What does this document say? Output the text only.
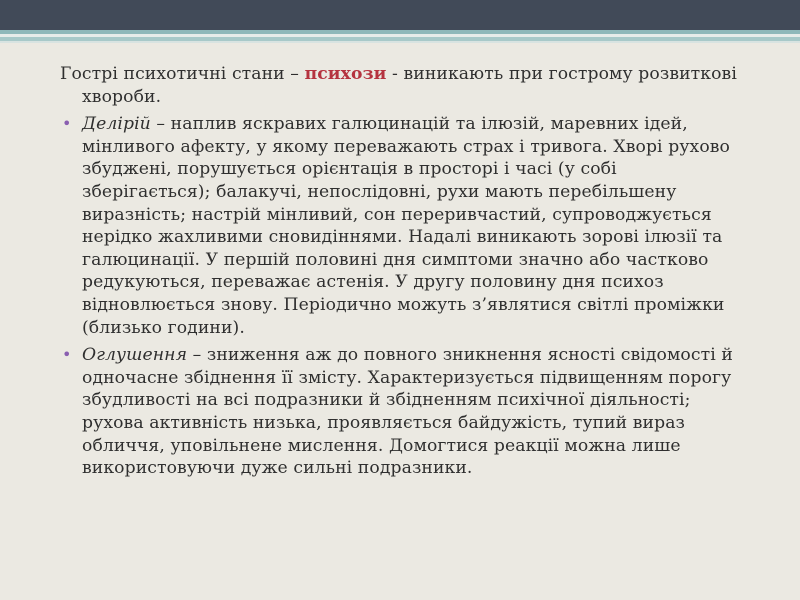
Гострі психотичні стани – психози - виникають при гострому розвиткові хвороби.

• Делірій – наплив яскравих галюцинацій та ілюзій, маревних ідей, мінливого афекту, у якому переважають страх і тривога. Хворі рухово збуджені, порушується орієнтація в просторі і часі (у собі зберігається); балакучі, непослідовні, рухи мають перебільшену виразність; настрій мінливий, сон переривчастий, супроводжується нерідко жахливими сновидіннями. Надалі виникають зорові ілюзії та галюцинації. У першій половині дня симптоми значно або частково редукуються, переважає астенія. У другу половину дня психоз відновлюється знову. Періодично можуть з’являтися світлі проміжки (близько години).

• Оглушення – зниження аж до повного зникнення ясності свідомості й одночасне збіднення її змісту. Характеризується підвищенням порогу збудливості на всі подразники й збідненням психічної діяльності; рухова активність низька, проявляється байдужість, тупий вираз обличчя, уповільнене мислення. Домогтися реакції можна лише використовуючи дуже сильні подразники.
